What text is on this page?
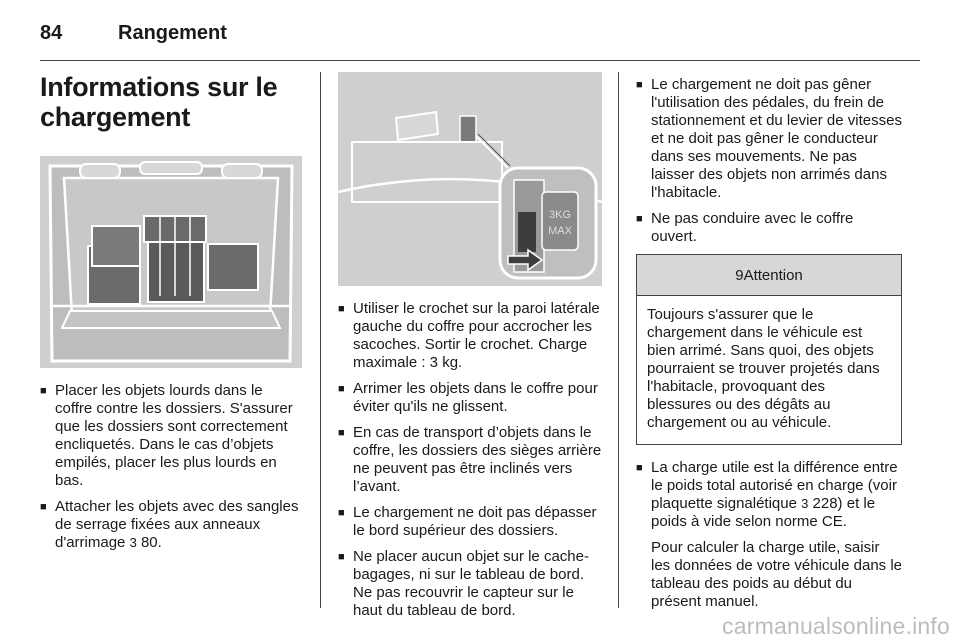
84	Rangement
Informations sur le chargement
■ Placer les objets lourds dans le coffre contre les dossiers. S'assurer que les dossiers sont correctement encliquetés. Dans le cas d’objets empilés, placer les plus lourds en bas.
■ Attacher les objets avec des sangles de serrage fixées aux anneaux d'arrimage 3 80.
3KG
MAX
■ Utiliser le crochet sur la paroi latérale gauche du coffre pour accrocher les sacoches. Sortir le crochet. Charge maximale : 3 kg.
■ Arrimer les objets dans le coffre pour éviter qu'ils ne glissent.
■ En cas de transport d’objets dans le coffre, les dossiers des sièges arrière ne peuvent pas être inclinés vers l’avant.
■ Le chargement ne doit pas dépasser le bord supérieur des dossiers.
■ Ne placer aucun objet sur le cache-bagages, ni sur le tableau de bord. Ne pas recouvrir le capteur sur le haut du tableau de bord.
■ Le chargement ne doit pas gêner l'utilisation des pédales, du frein de stationnement et du levier de vitesses et ne doit pas gêner le conducteur dans ses mouvements. Ne pas laisser des objets non arrimés dans l'habitacle.
■ Ne pas conduire avec le coffre ouvert.
9 Attention
Toujours s'assurer que le chargement dans le véhicule est bien arrimé. Sans quoi, des objets pourraient se trouver projetés dans l'habitacle, provoquant des blessures ou des dégâts au chargement ou au véhicule.
■ La charge utile est la différence entre le poids total autorisé en charge (voir plaquette signalétique 3 228) et le poids à vide selon norme CE.

Pour calculer la charge utile, saisir les données de votre véhicule dans le tableau des poids au début du présent manuel.

carmanualsonline.info
